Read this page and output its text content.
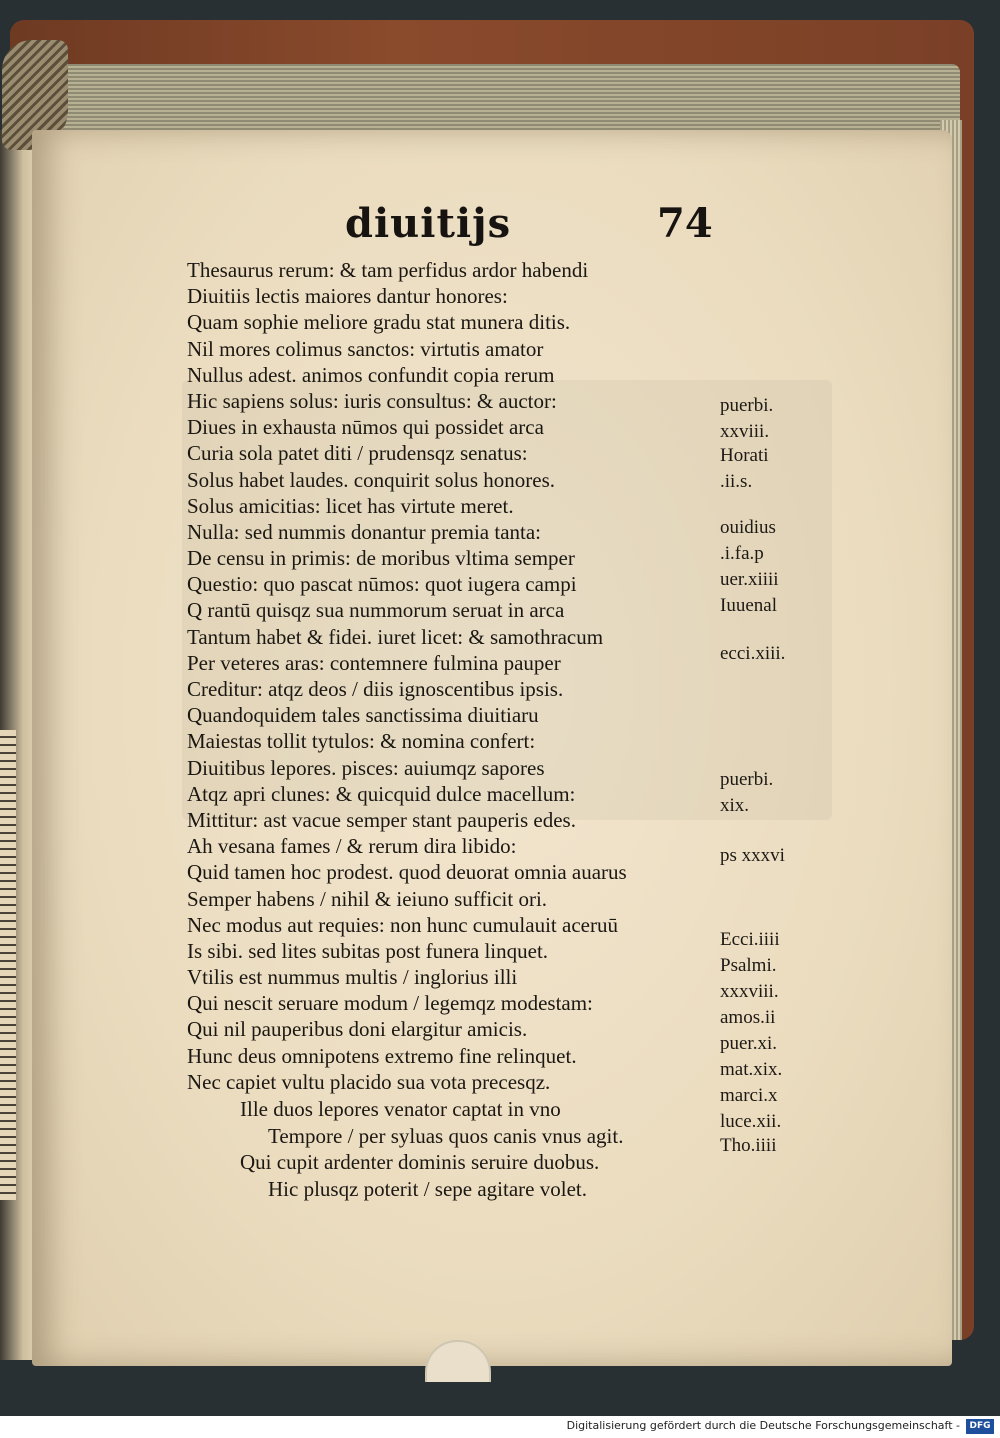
diuitijs	74
Thesaurus rerum: & tam perfidus ardor habendi
Diuitiis lectis maiores dantur honores:
Quam sophie meliore gradu stat munera ditis.
Nil mores colimus sanctos: virtutis amator
Nullus adest. animos confundit copia rerum
Hic sapiens solus: iuris consultus: & auctor:
Diues in exhausta nūmos qui possidet arca
Curia sola patet diti / prudensqz senatus:
Solus habet laudes. conquirit solus honores.
Solus amicitias: licet has virtute meret.
Nulla: sed nummis donantur premia tanta:
De censu in primis: de moribus vltima semper
Questio: quo pascat nūmos: quot iugera campi
Q rantū quisqz sua nummorum seruat in arca
Tantum habet & fidei. iuret licet: & samothracum
Per veteres aras: contemnere fulmina pauper
Creditur: atqz deos / diis ignoscentibus ipsis.
Quandoquidem tales sanctissima diuitiaru
Maiestas tollit tytulos: & nomina confert:
Diuitibus lepores. pisces: auiumqz sapores
Atqz apri clunes: & quicquid dulce macellum:
Mittitur: ast vacue semper stant pauperis edes.
Ah vesana fames / & rerum dira libido:
Quid tamen hoc prodest. quod deuorat omnia auarus
Semper habens / nihil & ieiuno sufficit ori.
Nec modus aut requies: non hunc cumulauit aceruū
Is sibi. sed lites subitas post funera linquet.
Vtilis est nummus multis / inglorius illi
Qui nescit seruare modum / legemqz modestam:
Qui nil pauperibus doni elargitur amicis.
Hunc deus omnipotens extremo fine relinquet.
Nec capiet vultu placido sua vota precesqz.
Ille duos lepores venator captat in vno
Tempore / per syluas quos canis vnus agit.
Qui cupit ardenter dominis seruire duobus.
Hic plusqz poterit / sepe agitare volet.
puerbi.
xxviii.
Horati
.ii.s.
ouidius
.i.fa.p
uer.xiiii
Iuuenal
ecci.xiii.
puerbi.
xix.
ps xxxvi
Ecci.iiii
Psalmi.
xxxviii.
amos.ii
puer.xi.
mat.xix.
marci.x
luce.xii.
Tho.iiii
Digitalisierung gefördert durch die Deutsche Forschungsgemeinschaft -	DFG
